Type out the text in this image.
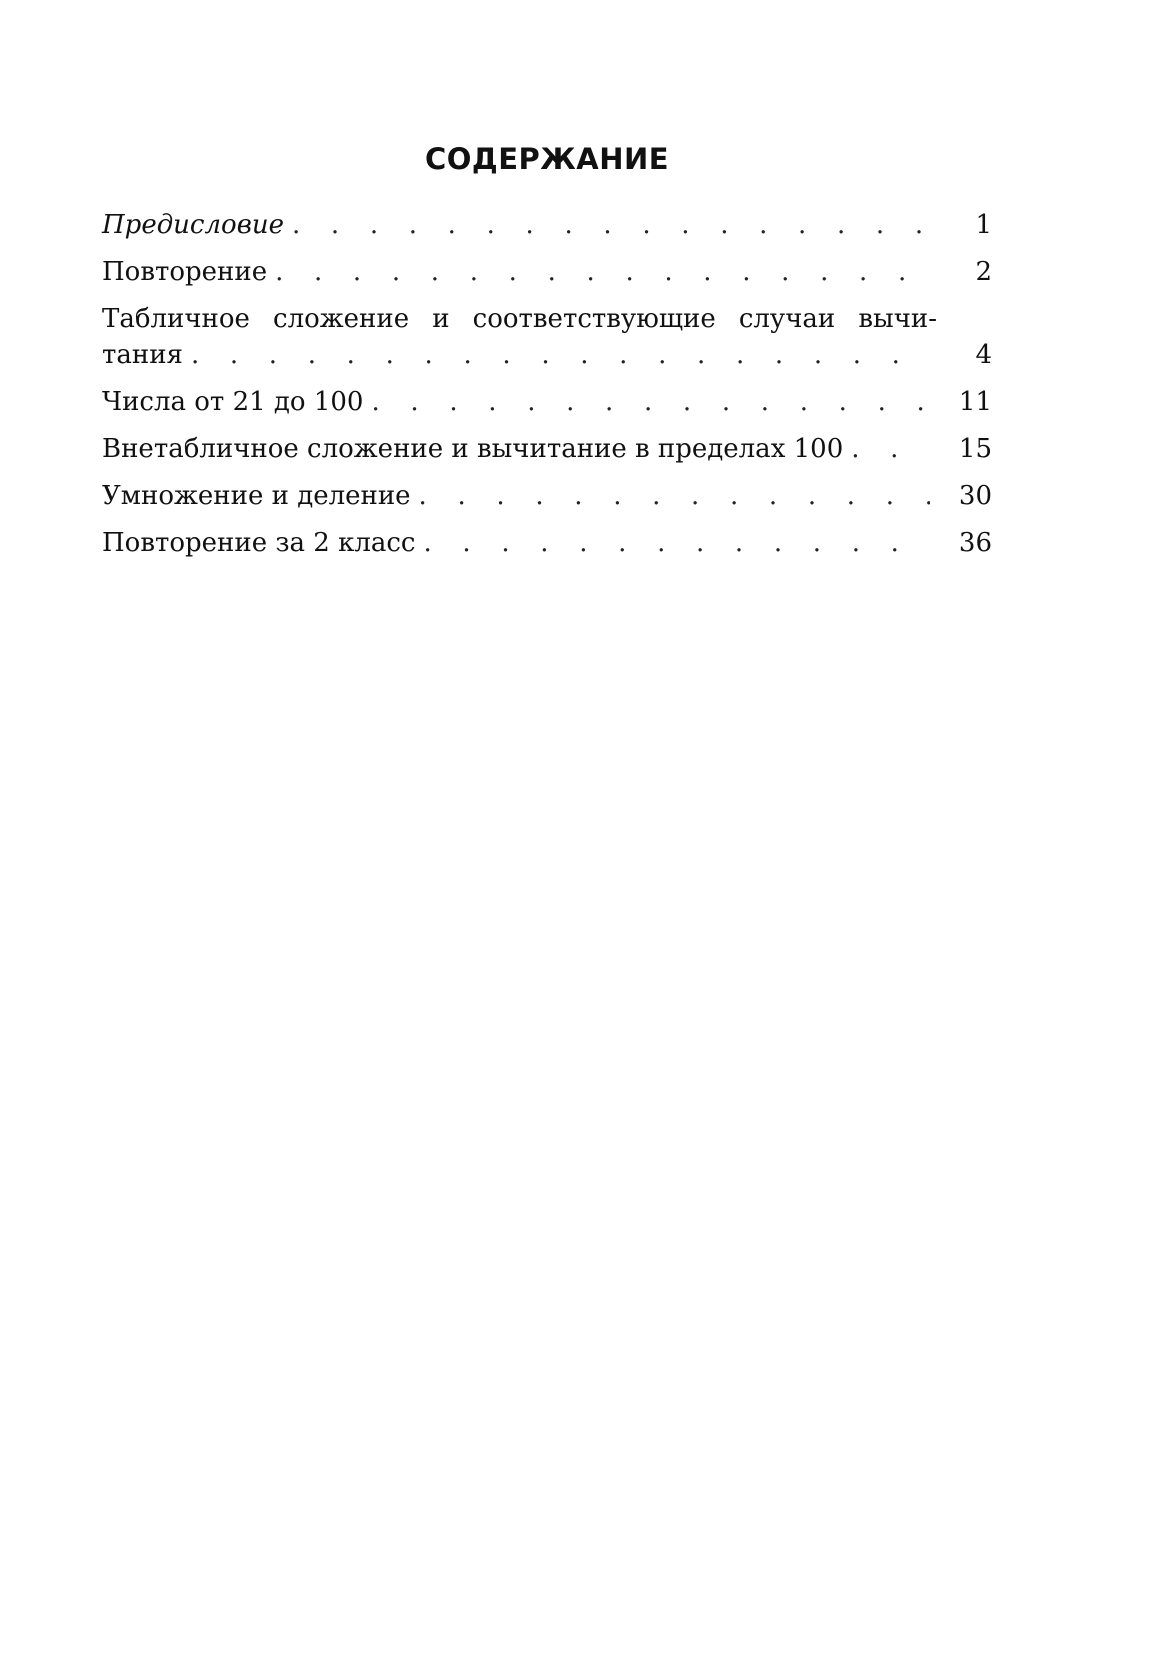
СОДЕРЖАНИЕ
Предисловие . . .	1
Повторение . . .	2
Табличное сложение и соответствующие случаи вычи-
тания . . .	4
Числа от 21 до 100 . . .	11
Внетабличное сложение и вычитание в пределах 100 . . .	15
Умножение и деление . . .	30
Повторение за 2 класс . . .	36
